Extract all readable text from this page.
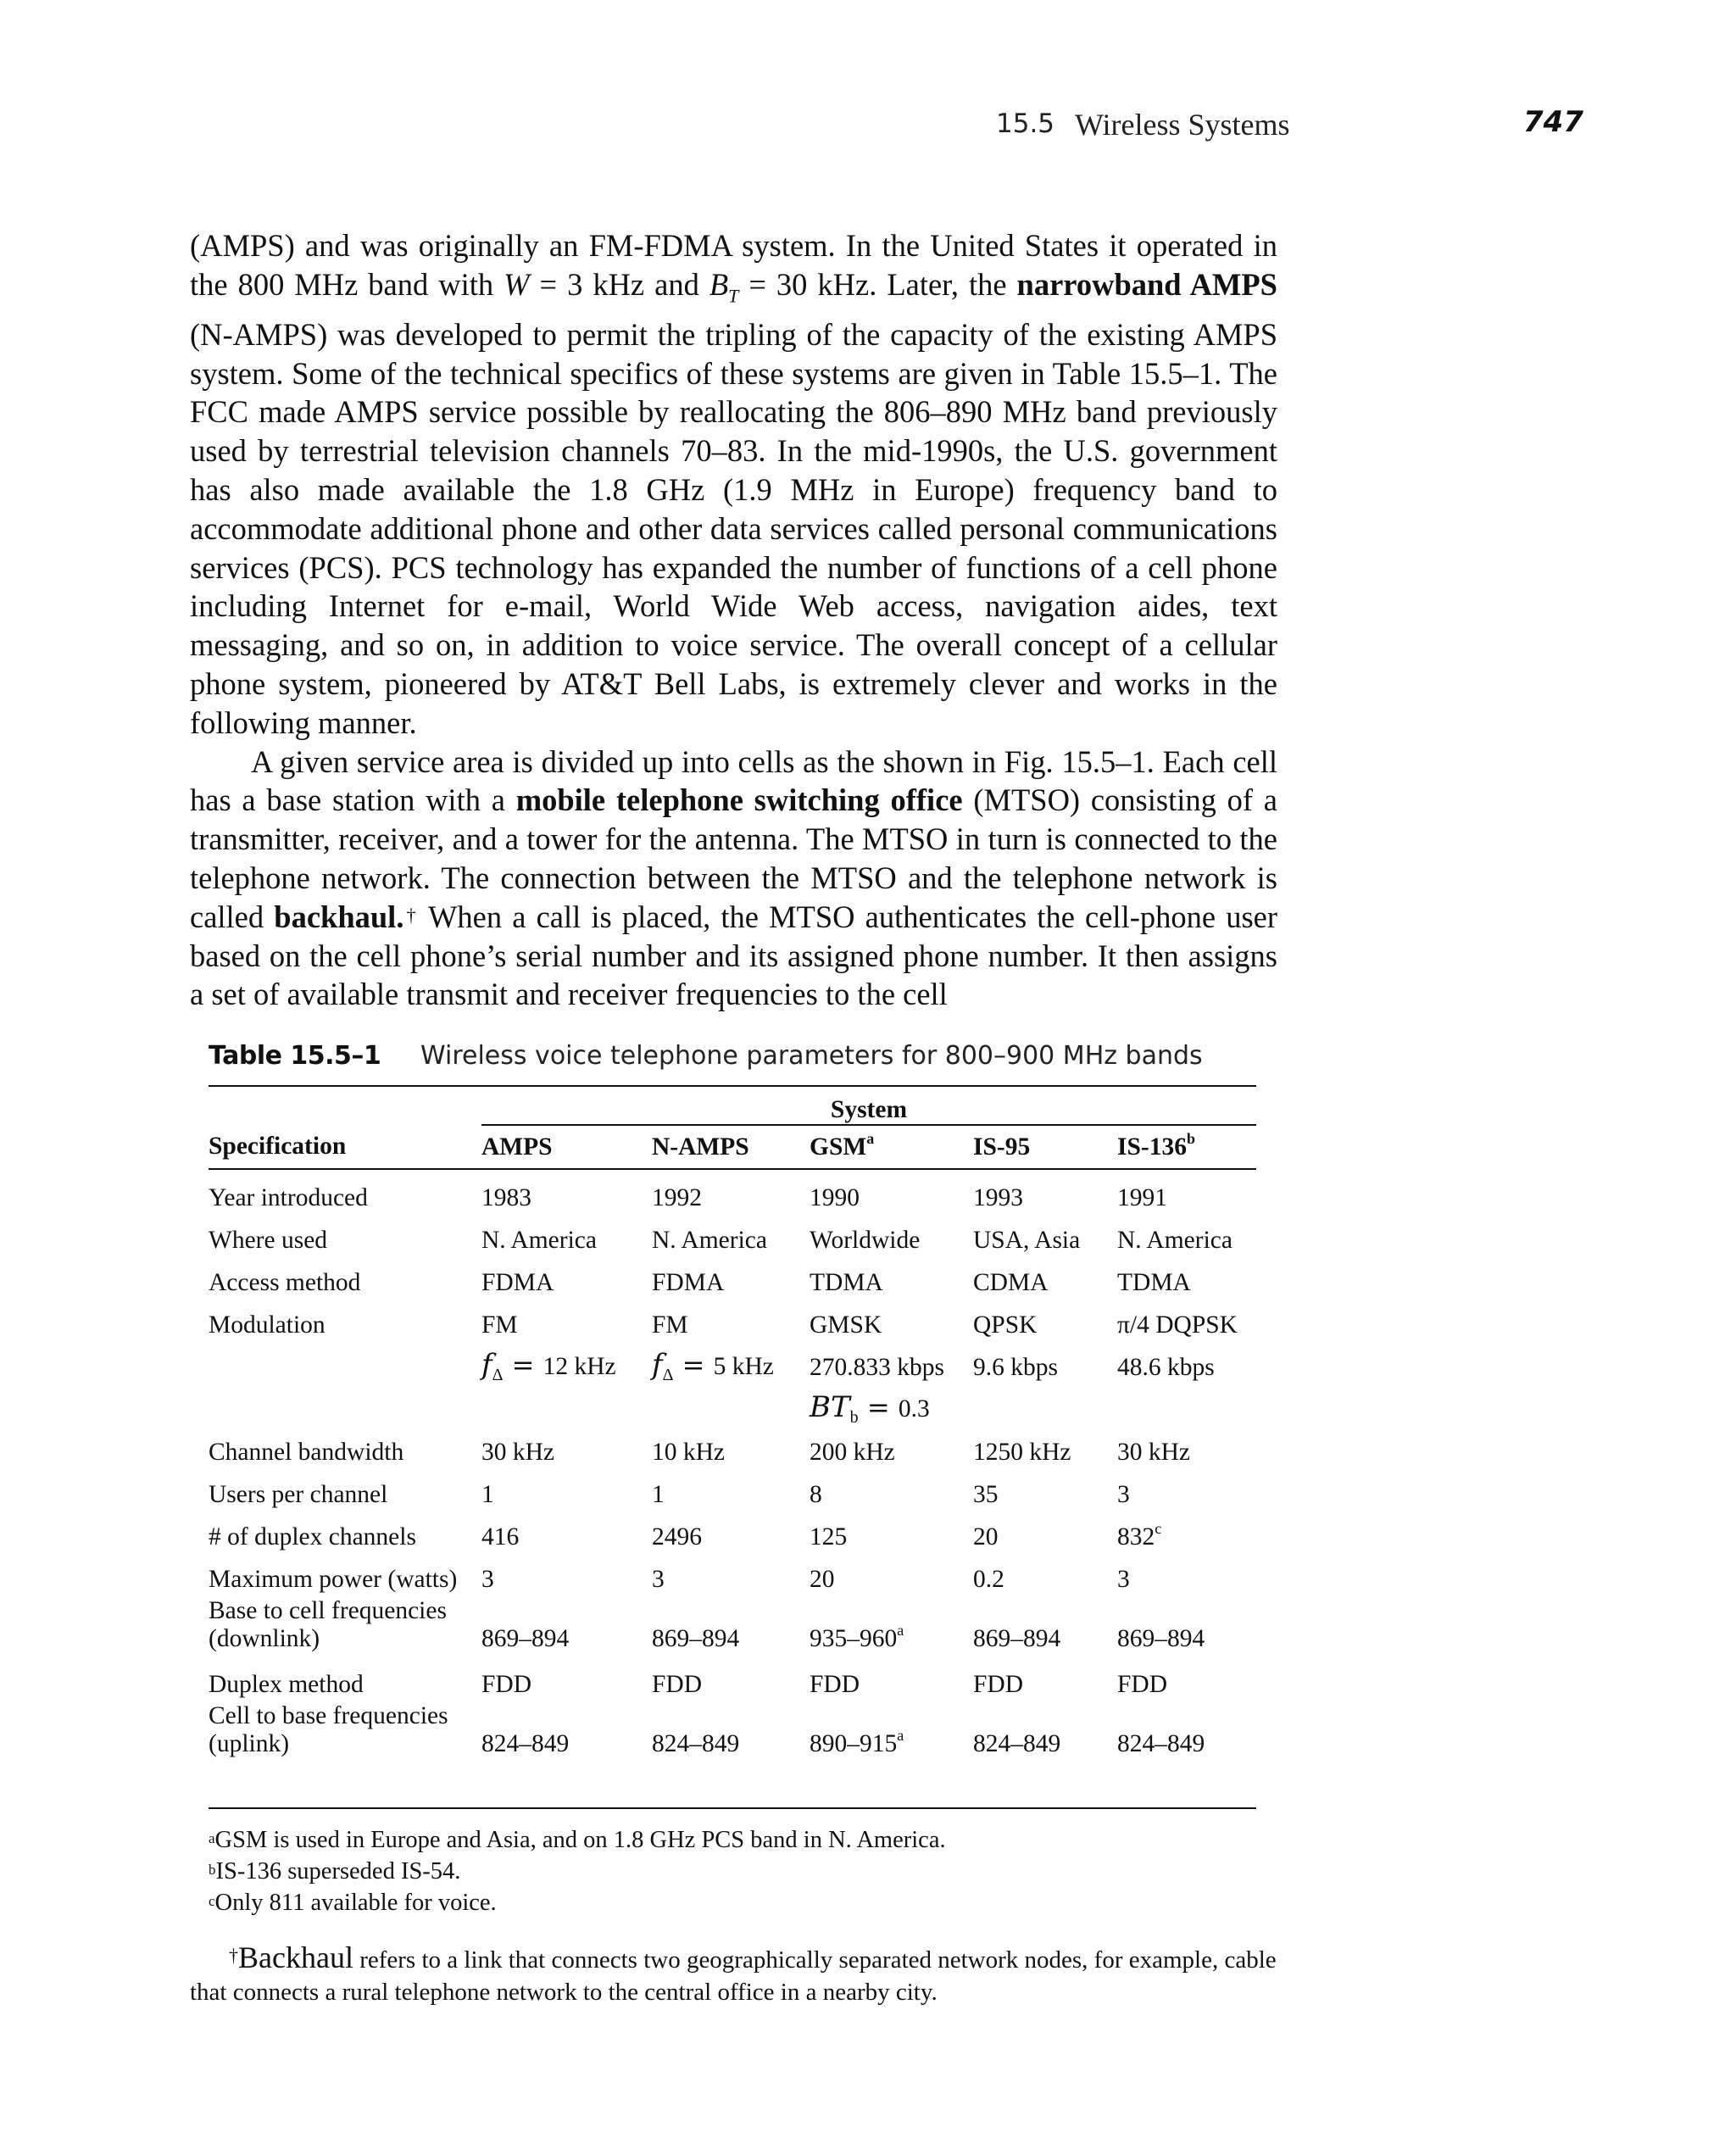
15.5 Wireless Systems	747

(AMPS) and was originally an FM-FDMA system. In the United States it operated in the 800 MHz band with W = 3 kHz and $B_T = 30$ kHz. Later, the narrowband AMPS (N-AMPS) was developed to permit the tripling of the capacity of the existing AMPS system. Some of the technical specifics of these systems are given in Table 15.5–1. The FCC made AMPS service possible by reallocating the 806–890 MHz band previously used by terrestrial television channels 70–83. In the mid-1990s, the U.S. government has also made available the 1.8 GHz (1.9 MHz in Europe) frequency band to accommodate additional phone and other data services called personal communications services (PCS). PCS technology has expanded the number of functions of a cell phone including Internet for e-mail, World Wide Web access, navigation aides, text messaging, and so on, in addition to voice service. The overall concept of a cellular phone system, pioneered by AT&T Bell Labs, is extremely clever and works in the following manner.

A given service area is divided up into cells as the shown in Fig. 15.5–1. Each cell has a base station with a mobile telephone switching office (MTSO) consisting of a transmitter, receiver, and a tower for the antenna. The MTSO in turn is connected to the telephone network. The connection between the MTSO and the telephone network is called backhaul.† When a call is placed, the MTSO authenticates the cell-phone user based on the cell phone’s serial number and its assigned phone number. It then assigns a set of available transmit and receiver frequencies to the cell

Table 15.5–1 Wireless voice telephone parameters for 800–900 MHz bands
	System				
Specification	AMPS	N-AMPS	GSM$^a$	IS-95	IS-136$^b$
Year introduced	1983	1992	1990	1993	1991
Where used	N. America	N. America	Worldwide	USA, Asia	N. America
Access method	FDMA	FDMA	TDMA	CDMA	TDMA
Modulation	FM	FM	GMSK	QPSK	π/4 DQPSK
	fΔ = 12 kHz	fΔ = 5 kHz	270.833 kbps	9.6 kbps	48.6 kbps
			BTb = 0.3		
Channel bandwidth	30 kHz	10 kHz	200 kHz	1250 kHz	30 kHz
Users per channel	1	1	8	35	3
# of duplex channels	416	2496	125	20	832$^c$
Maximum power (watts)	3	3	20	0.2	3

Base to cell frequencies
(downlink)	869–894	869–894	935–960$^a$	869–894	869–894
Duplex method	FDD	FDD	FDD	FDD	FDD

Cell to base frequencies
(uplink)	824–849	824–849	890–915$^a$	824–849	824–849
$^a$GSM is used in Europe and Asia, and on 1.8 GHz PCS band in N. America.
$^b$IS-136 superseded IS-54.
$^c$Only 811 available for voice.
†Backhaul refers to a link that connects two geographically separated network nodes, for example, cable that connects a rural telephone network to the central office in a nearby city.
